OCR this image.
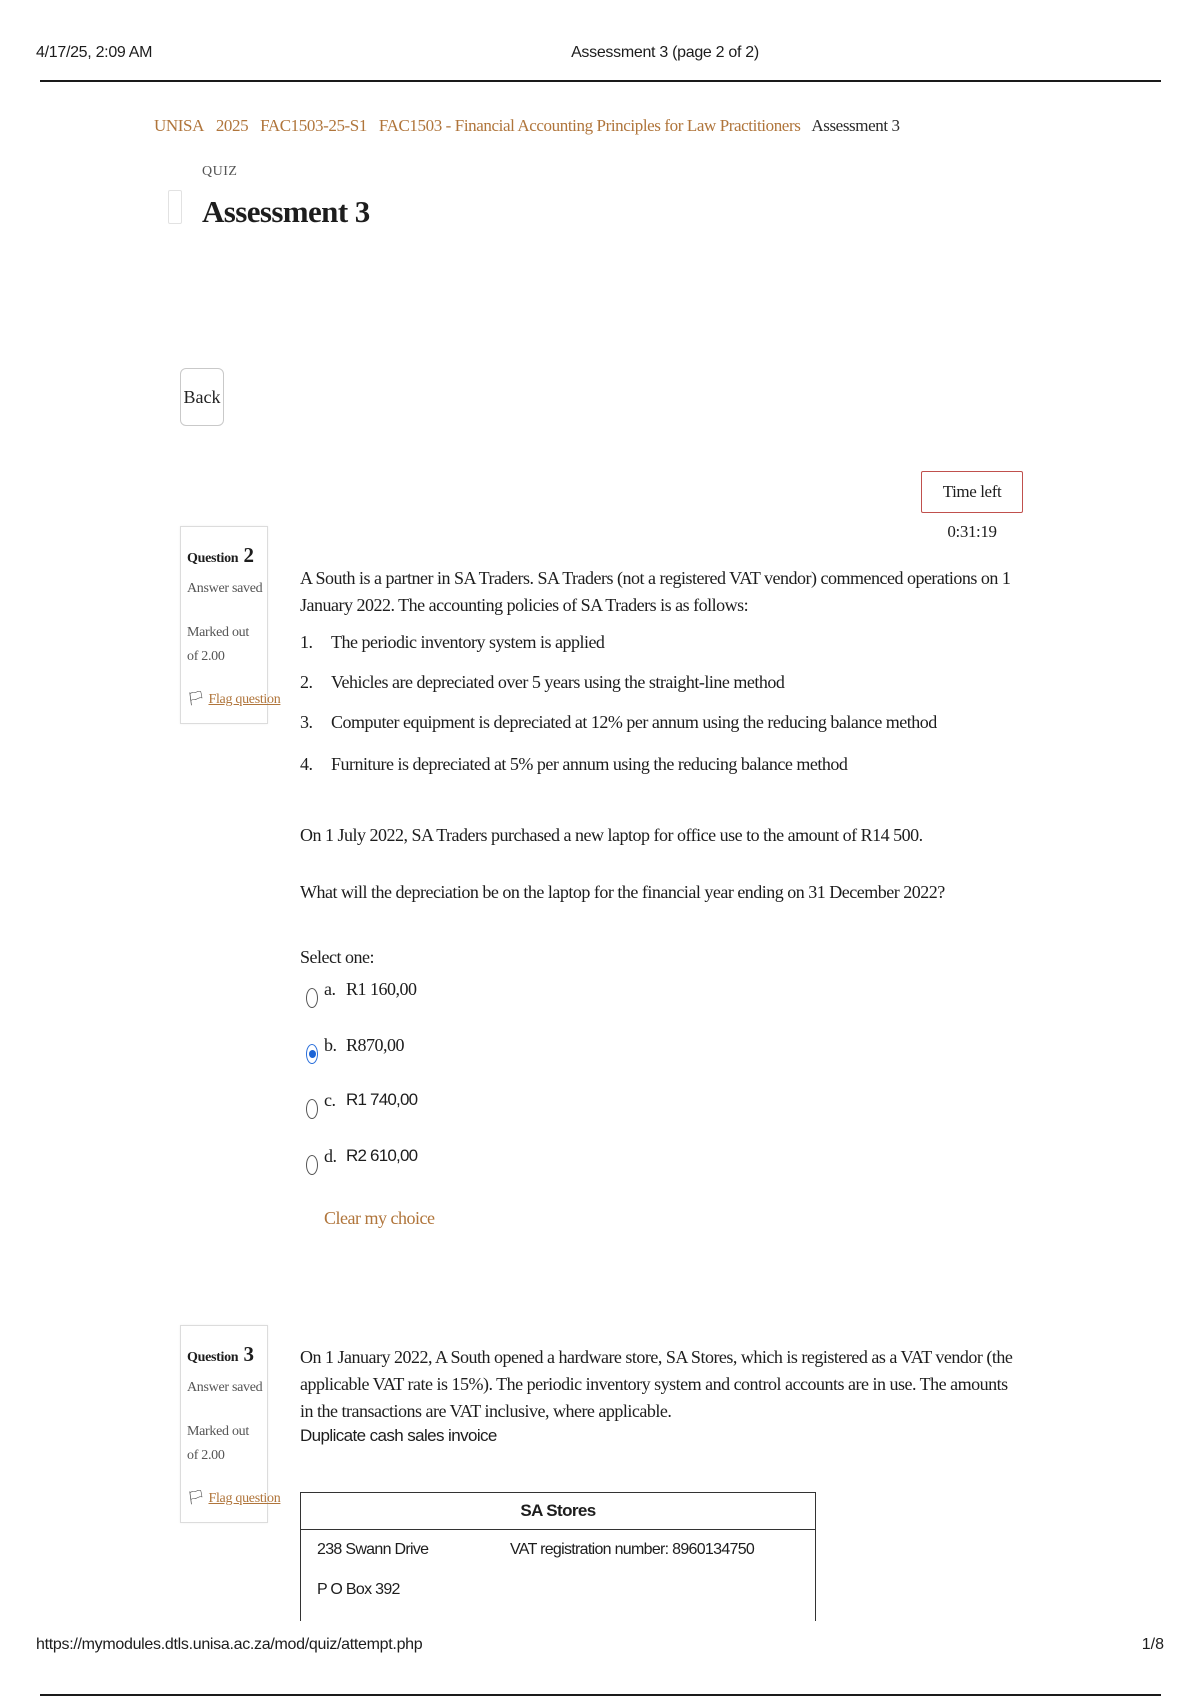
4/17/25, 2:09 AM	Assessment 3 (page 2 of 2)
UNISA 2025 FAC1503-25-S1 FAC1503 - Financial Accounting Principles for Law Practitioners Assessment 3
QUIZ
Assessment 3
Back
Time left 0:31:19
Question 2
Answer saved
Marked out of 2.00
🏳︎ Flag question
A South is a partner in SA Traders. SA Traders (not a registered VAT vendor) commenced operations on 1 January 2022. The accounting policies of SA Traders is as follows:
1. The periodic inventory system is applied
2. Vehicles are depreciated over 5 years using the straight-line method
3. Computer equipment is depreciated at 12% per annum using the reducing balance method
4. Furniture is depreciated at 5% per annum using the reducing balance method
On 1 July 2022, SA Traders purchased a new laptop for office use to the amount of R14 500.
What will the depreciation be on the laptop for the financial year ending on 31 December 2022?
Select one:
a. R1 160,00
b. R870,00
c. R1 740,00
d. R2 610,00
Clear my choice
Question 3
Answer saved
Marked out of 2.00
🏳︎ Flag question
On 1 January 2022, A South opened a hardware store, SA Stores, which is registered as a VAT vendor (the applicable VAT rate is 15%). The periodic inventory system and control accounts are in use. The amounts in the transactions are VAT inclusive, where applicable.
Duplicate cash sales invoice
SA Stores
238 Swann Drive	VAT registration number: 8960134750
P O Box 392
https://mymodules.dtls.unisa.ac.za/mod/quiz/attempt.php	1/8
